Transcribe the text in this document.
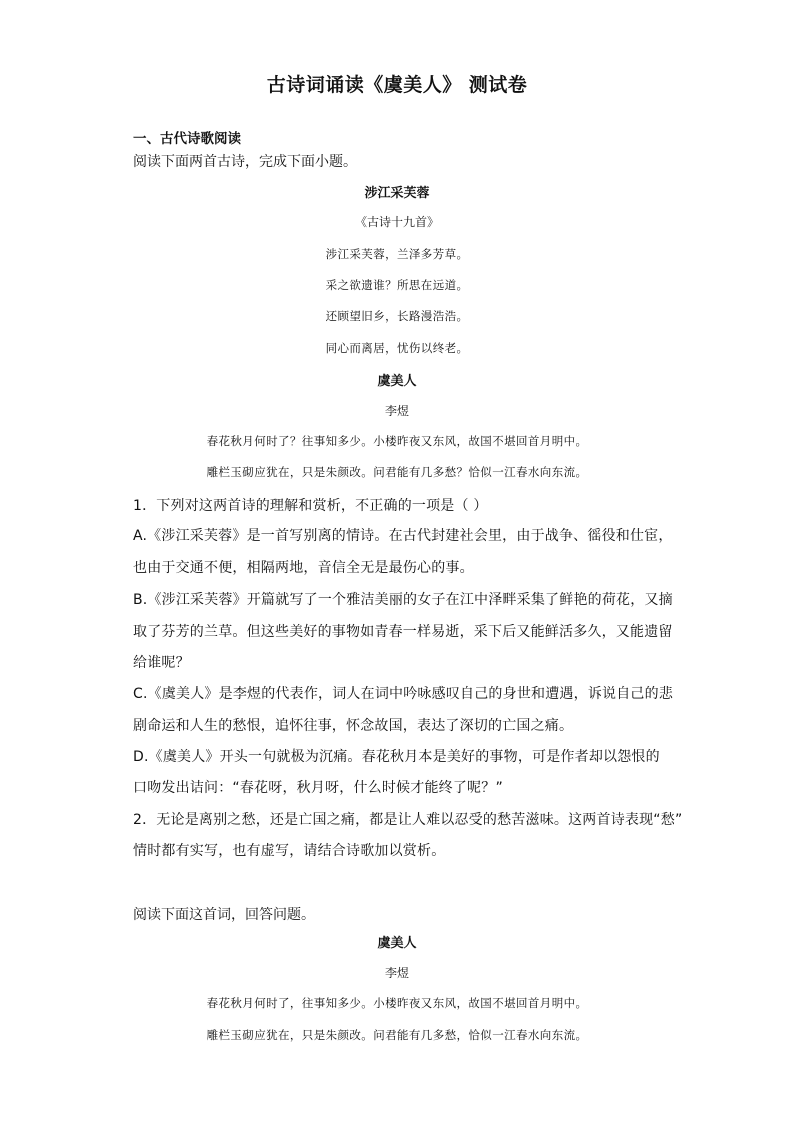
古诗词诵读《虞美人》 测试卷
一、古代诗歌阅读
阅读下面两首古诗，完成下面小题。
涉江采芙蓉
《古诗十九首》
涉江采芙蓉，兰泽多芳草。
采之欲遗谁？所思在远道。
还顾望旧乡，长路漫浩浩。
同心而离居，忧伤以终老。
虞美人
李煜
春花秋月何时了？往事知多少。小楼昨夜又东风，故国不堪回首月明中。
雕栏玉砌应犹在，只是朱颜改。问君能有几多愁？恰似一江春水向东流。
1．下列对这两首诗的理解和赏析，不正确的一项是（ ）
A.《涉江采芙蓉》是一首写别离的情诗。在古代封建社会里，由于战争、徭役和仕宦，
也由于交通不便，相隔两地，音信全无是最伤心的事。
B.《涉江采芙蓉》开篇就写了一个雅洁美丽的女子在江中泽畔采集了鲜艳的荷花，又摘
取了芬芳的兰草。但这些美好的事物如青春一样易逝，采下后又能鲜活多久，又能遗留
给谁呢？
C.《虞美人》是李煜的代表作，词人在词中吟咏感叹自己的身世和遭遇，诉说自己的悲
剧命运和人生的愁恨，追怀往事，怀念故国，表达了深切的亡国之痛。
D.《虞美人》开头一句就极为沉痛。春花秋月本是美好的事物，可是作者却以怨恨的
口吻发出诘问：“春花呀，秋月呀，什么时候才能终了呢？”
2．无论是离别之愁，还是亡国之痛，都是让人难以忍受的愁苦滋味。这两首诗表现“愁”
情时都有实写，也有虚写，请结合诗歌加以赏析。
阅读下面这首词，回答问题。
虞美人
李煜
春花秋月何时了，往事知多少。小楼昨夜又东风，故国不堪回首月明中。
雕栏玉砌应犹在，只是朱颜改。问君能有几多愁，恰似一江春水向东流。
